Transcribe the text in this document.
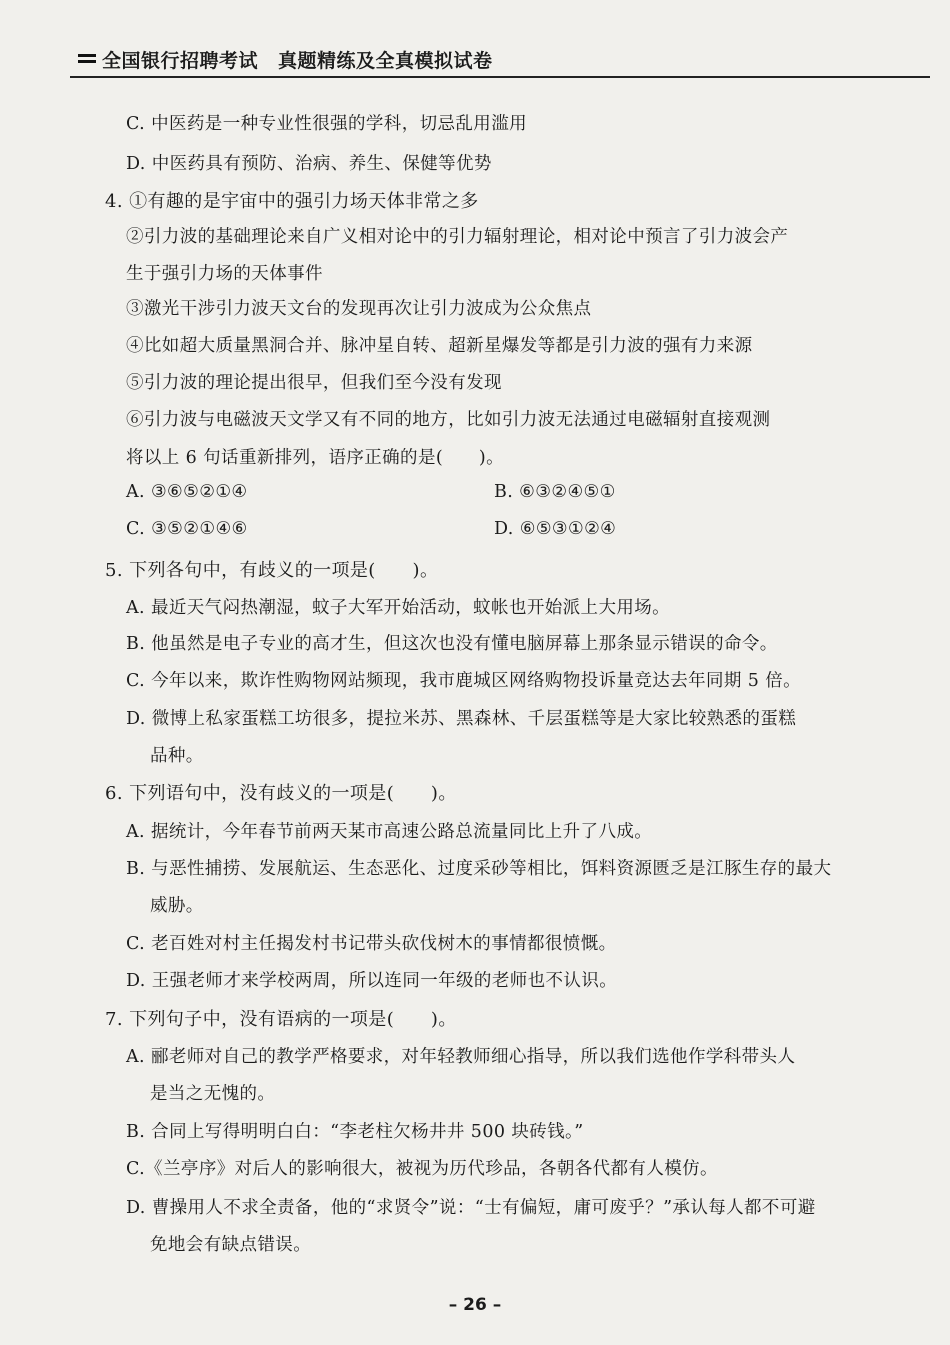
全国银行招聘考试 真题精练及全真模拟试卷
C. 中医药是一种专业性很强的学科，切忌乱用滥用
D. 中医药具有预防、治病、养生、保健等优势
4. ①有趣的是宇宙中的强引力场天体非常之多
②引力波的基础理论来自广义相对论中的引力辐射理论，相对论中预言了引力波会产
生于强引力场的天体事件
③激光干涉引力波天文台的发现再次让引力波成为公众焦点
④比如超大质量黑洞合并、脉冲星自转、超新星爆发等都是引力波的强有力来源
⑤引力波的理论提出很早，但我们至今没有发现
⑥引力波与电磁波天文学又有不同的地方，比如引力波无法通过电磁辐射直接观测
将以上 6 句话重新排列，语序正确的是(　　)。
A. ③⑥⑤②①④	B. ⑥③②④⑤①
C. ③⑤②①④⑥	D. ⑥⑤③①②④
5. 下列各句中，有歧义的一项是(　　)。
A. 最近天气闷热潮湿，蚊子大军开始活动，蚊帐也开始派上大用场。
B. 他虽然是电子专业的高才生，但这次也没有懂电脑屏幕上那条显示错误的命令。
C. 今年以来，欺诈性购物网站频现，我市鹿城区网络购物投诉量竞达去年同期 5 倍。
D. 微博上私家蛋糕工坊很多，提拉米苏、黑森林、千层蛋糕等是大家比较熟悉的蛋糕
品种。
6. 下列语句中，没有歧义的一项是(　　)。
A. 据统计，今年春节前两天某市高速公路总流量同比上升了八成。
B. 与恶性捕捞、发展航运、生态恶化、过度采砂等相比，饵料资源匮乏是江豚生存的最大
威胁。
C. 老百姓对村主任揭发村书记带头砍伐树木的事情都很愤慨。
D. 王强老师才来学校两周，所以连同一年级的老师也不认识。
7. 下列句子中，没有语病的一项是(　　)。
A. 郦老师对自己的教学严格要求，对年轻教师细心指导，所以我们选他作学科带头人
是当之无愧的。
B. 合同上写得明明白白：“李老柱欠杨井井 500 块砖钱。”
C.《兰亭序》对后人的影响很大，被视为历代珍品，各朝各代都有人模仿。
D. 曹操用人不求全责备，他的“求贤令”说：“士有偏短，庸可废乎？”承认每人都不可避
免地会有缺点错误。
– 26 –
